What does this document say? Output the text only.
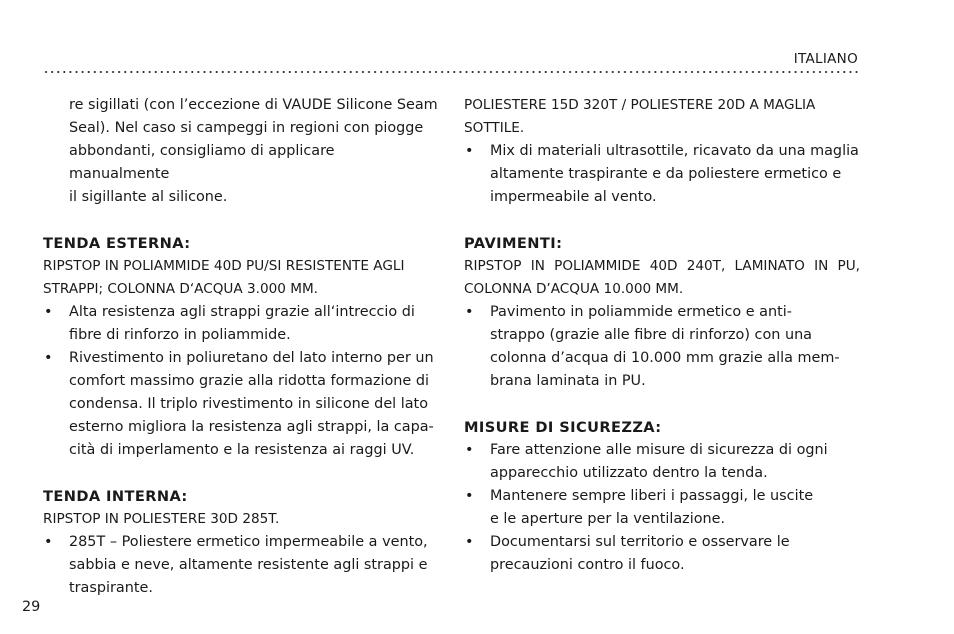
ITALIANO
re sigillati (con l’eccezione di VAUDE Silicone Seam
Seal). Nel caso si campeggi in regioni con piogge
abbondanti, consigliamo di applicare manualmente
il sigillante al silicone.
TENDA ESTERNA:
RIPSTOP IN POLIAMMIDE 40D PU/SI RESISTENTE AGLI
STRAPPI; COLONNA D‘ACQUA 3.000 MM.
• Alta resistenza agli strappi grazie all‘intreccio di
fibre di rinforzo in poliammide.
• Rivestimento in poliuretano del lato interno per un
comfort massimo grazie alla ridotta formazione di
condensa. Il triplo rivestimento in silicone del lato
esterno migliora la resistenza agli strappi, la capa-
cità di imperlamento e la resistenza ai raggi UV.
TENDA INTERNA:
RIPSTOP IN POLIESTERE 30D 285T.
• 285T – Poliestere ermetico impermeabile a vento,
sabbia e neve, altamente resistente agli strappi e
traspirante.
POLIESTERE 15D 320T / POLIESTERE 20D A MAGLIA
SOTTILE.
• Mix di materiali ultrasottile, ricavato da una maglia
altamente traspirante e da poliestere ermetico e
impermeabile al vento.
PAVIMENTI:
RIPSTOP IN POLIAMMIDE 40D 240T, LAMINATO IN PU,
COLONNA D’ACQUA 10.000 MM.
• Pavimento in poliammide ermetico e anti-
strappo (grazie alle fibre di rinforzo) con una
colonna d’acqua di 10.000 mm grazie alla mem-
brana laminata in PU.
MISURE DI SICUREZZA:
• Fare attenzione alle misure di sicurezza di ogni
apparecchio utilizzato dentro la tenda.
• Mantenere sempre liberi i passaggi, le uscite
e le aperture per la ventilazione.
• Documentarsi sul territorio e osservare le
precauzioni contro il fuoco.
29
